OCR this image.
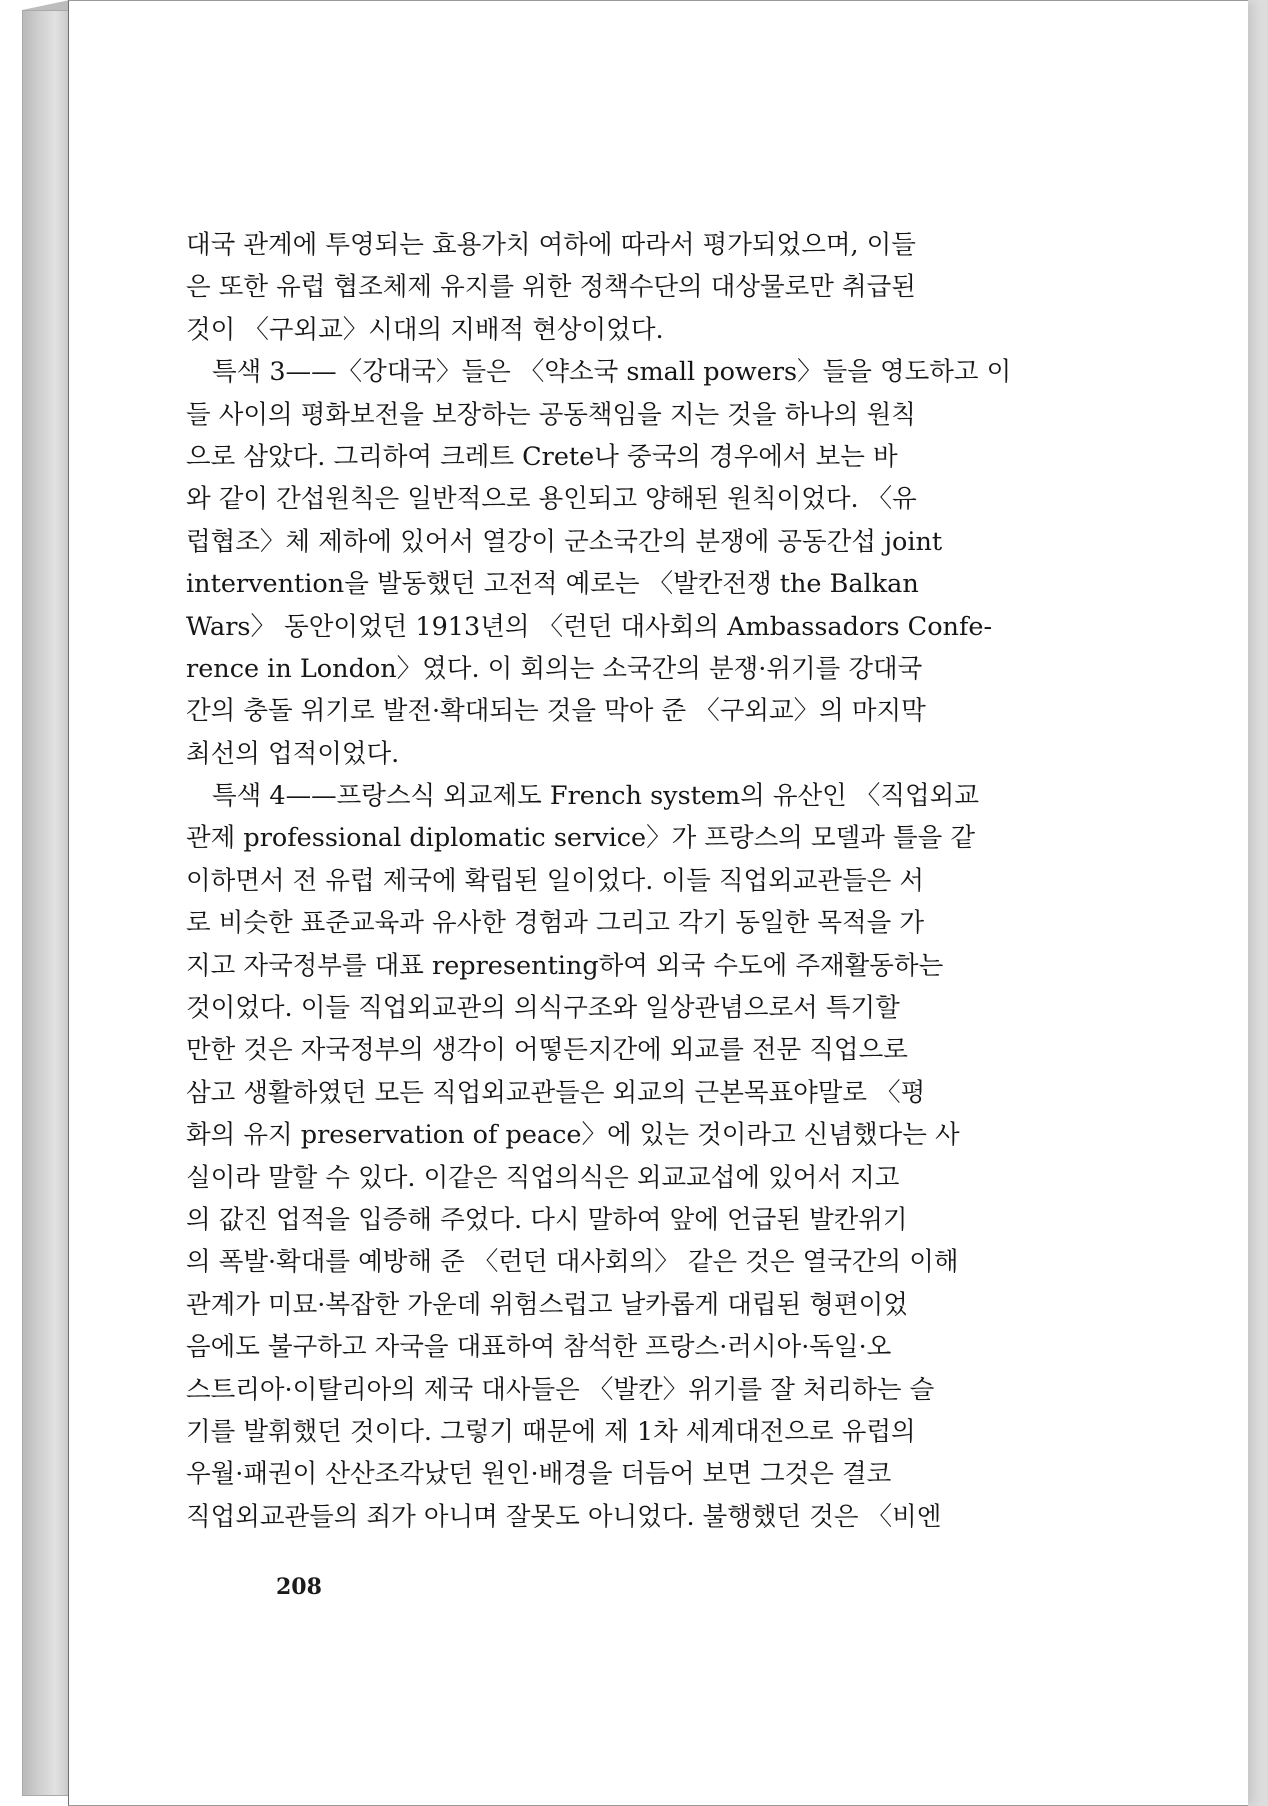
대국 관계에 투영되는 효용가치 여하에 따라서 평가되었으며, 이들
은 또한 유럽 협조체제 유지를 위한 정책수단의 대상물로만 취급된
것이 〈구외교〉시대의 지배적 현상이었다.
특색 3——〈강대국〉들은 〈약소국 small powers〉들을 영도하고 이
들 사이의 평화보전을 보장하는 공동책임을 지는 것을 하나의 원칙
으로 삼았다. 그리하여 크레트 Crete나 중국의 경우에서 보는 바
와 같이 간섭원칙은 일반적으로 용인되고 양해된 원칙이었다. 〈유
럽협조〉체 제하에 있어서 열강이 군소국간의 분쟁에 공동간섭 joint
intervention을 발동했던 고전적 예로는 〈발칸전쟁 the Balkan
Wars〉 동안이었던 1913년의 〈런던 대사회의 Ambassadors Confe-
rence in London〉였다. 이 회의는 소국간의 분쟁·위기를 강대국
간의 충돌 위기로 발전·확대되는 것을 막아 준 〈구외교〉의 마지막
최선의 업적이었다.
특색 4——프랑스식 외교제도 French system의 유산인 〈직업외교
관제 professional diplomatic service〉가 프랑스의 모델과 틀을 같
이하면서 전 유럽 제국에 확립된 일이었다. 이들 직업외교관들은 서
로 비슷한 표준교육과 유사한 경험과 그리고 각기 동일한 목적을 가
지고 자국정부를 대표 representing하여 외국 수도에 주재활동하는
것이었다. 이들 직업외교관의 의식구조와 일상관념으로서 특기할
만한 것은 자국정부의 생각이 어떻든지간에 외교를 전문 직업으로
삼고 생활하였던 모든 직업외교관들은 외교의 근본목표야말로 〈평
화의 유지 preservation of peace〉에 있는 것이라고 신념했다는 사
실이라 말할 수 있다. 이같은 직업의식은 외교교섭에 있어서 지고
의 값진 업적을 입증해 주었다. 다시 말하여 앞에 언급된 발칸위기
의 폭발·확대를 예방해 준 〈런던 대사회의〉 같은 것은 열국간의 이해
관계가 미묘·복잡한 가운데 위험스럽고 날카롭게 대립된 형편이었
음에도 불구하고 자국을 대표하여 참석한 프랑스·러시아·독일·오
스트리아·이탈리아의 제국 대사들은 〈발칸〉위기를 잘 처리하는 슬
기를 발휘했던 것이다. 그렇기 때문에 제 1차 세계대전으로 유럽의
우월·패권이 산산조각났던 원인·배경을 더듬어 보면 그것은 결코
직업외교관들의 죄가 아니며 잘못도 아니었다. 불행했던 것은 〈비엔
208
